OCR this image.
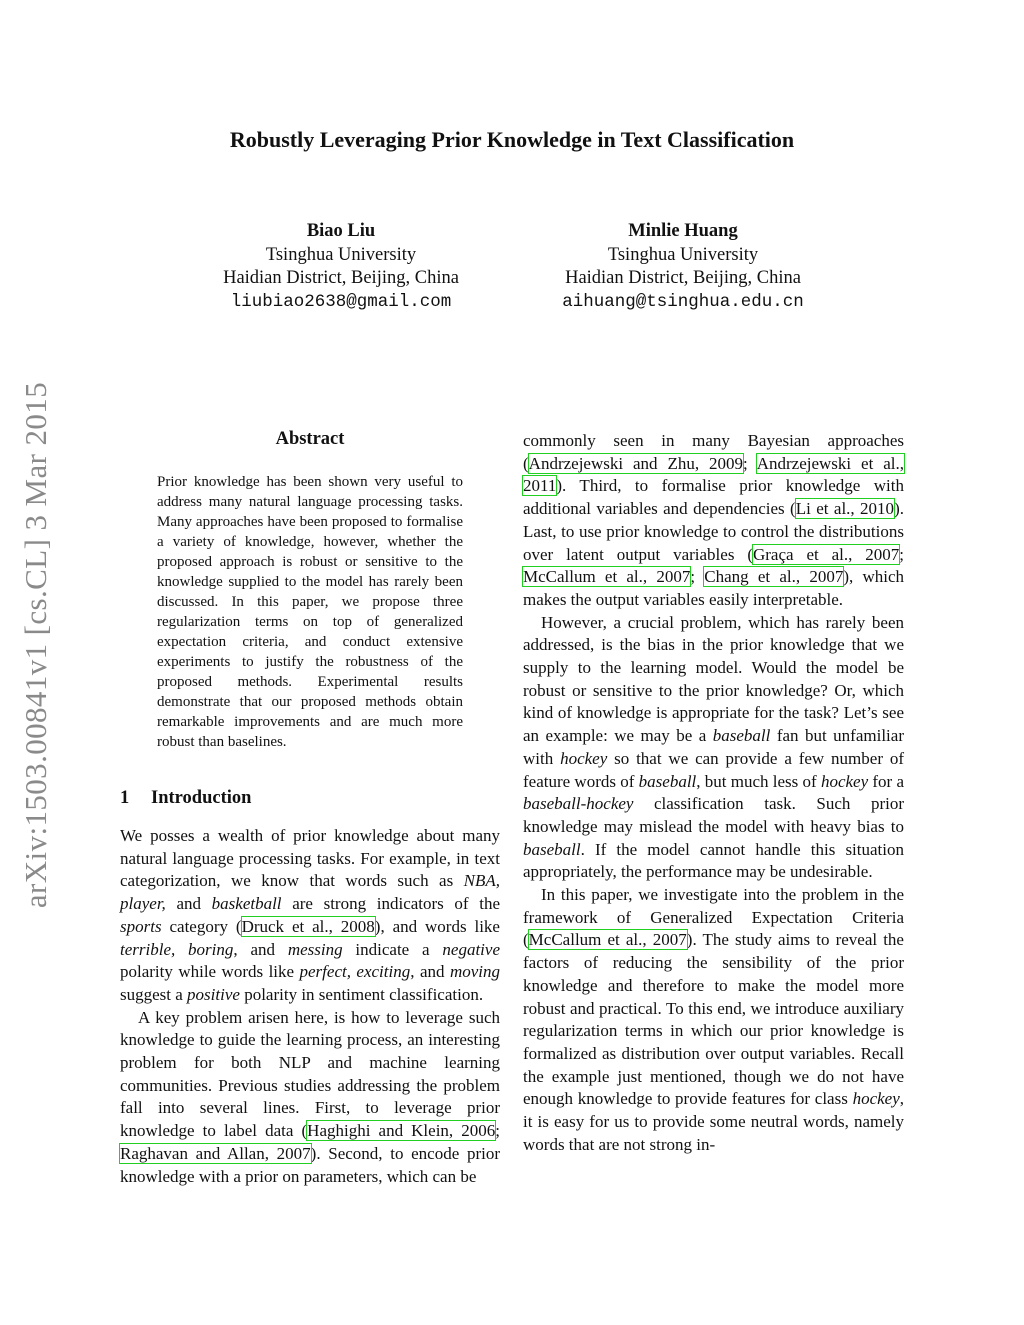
arXiv:1503.00841v1 [cs.CL] 3 Mar 2015
Robustly Leveraging Prior Knowledge in Text Classification
Biao Liu
Tsinghua University
Haidian District, Beijing, China
liubiao2638@gmail.com
Minlie Huang
Tsinghua University
Haidian District, Beijing, China
aihuang@tsinghua.edu.cn
Abstract
Prior knowledge has been shown very useful to address many natural language processing tasks. Many approaches have been proposed to formalise a variety of knowledge, however, whether the proposed approach is robust or sensitive to the knowledge supplied to the model has rarely been discussed. In this paper, we propose three regularization terms on top of generalized expectation criteria, and conduct extensive experiments to justify the robustness of the proposed methods. Experimental results demonstrate that our proposed methods obtain remarkable improvements and are much more robust than baselines.
1 Introduction

We posses a wealth of prior knowledge about many natural language processing tasks. For example, in text categorization, we know that words such as NBA, player, and basketball are strong indicators of the sports category (Druck et al., 2008), and words like terrible, boring, and messing indicate a negative polarity while words like perfect, exciting, and moving suggest a positive polarity in sentiment classification.

A key problem arisen here, is how to leverage such knowledge to guide the learning process, an interesting problem for both NLP and machine learning communities. Previous studies addressing the problem fall into several lines. First, to leverage prior knowledge to label data (Haghighi and Klein, 2006; Raghavan and Allan, 2007). Second, to encode prior knowledge with a prior on parameters, which can be

commonly seen in many Bayesian approaches (Andrzejewski and Zhu, 2009; Andrzejewski et al., 2011). Third, to formalise prior knowledge with additional variables and dependencies (Li et al., 2010). Last, to use prior knowledge to control the distributions over latent output variables (Graça et al., 2007; McCallum et al., 2007; Chang et al., 2007), which makes the output variables easily interpretable.

However, a crucial problem, which has rarely been addressed, is the bias in the prior knowledge that we supply to the learning model. Would the model be robust or sensitive to the prior knowledge? Or, which kind of knowledge is appropriate for the task? Let’s see an example: we may be a baseball fan but unfamiliar with hockey so that we can provide a few number of feature words of baseball, but much less of hockey for a baseball-hockey classification task. Such prior knowledge may mislead the model with heavy bias to baseball. If the model cannot handle this situation appropriately, the performance may be undesirable.

In this paper, we investigate into the problem in the framework of Generalized Expectation Criteria (McCallum et al., 2007). The study aims to reveal the factors of reducing the sensibility of the prior knowledge and therefore to make the model more robust and practical. To this end, we introduce auxiliary regularization terms in which our prior knowledge is formalized as distribution over output variables. Recall the example just mentioned, though we do not have enough knowledge to provide features for class hockey, it is easy for us to provide some neutral words, namely words that are not strong in-
